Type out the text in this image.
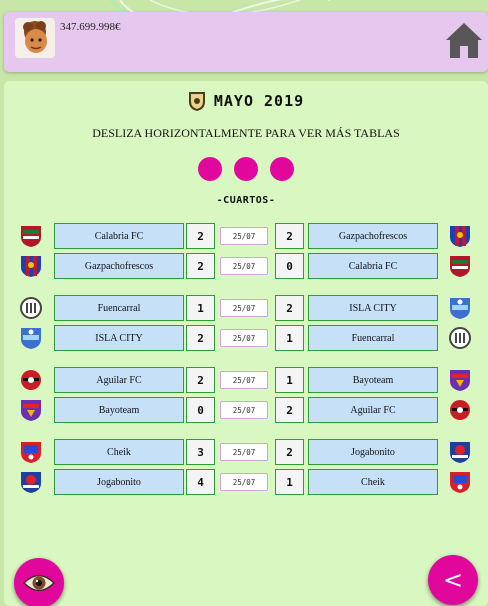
347.699.998€
MAYO 2019
DESLIZA HORIZONTALMENTE PARA VER MÁS TABLAS
-CUARTOS-
Calabria FC	2	25/07	2	Gazpachofrescos
Gazpachofrescos	2	25/07	0	Calabria FC
Fuencarral	1	25/07	2	ISLA CITY
ISLA CITY	2	25/07	1	Fuencarral
Aguilar FC	2	25/07	1	Bayoteam
Bayoteam	0	25/07	2	Aguilar FC
Cheik	3	25/07	2	Jogabonito
Jogabonito	4	25/07	1	Cheik
<
